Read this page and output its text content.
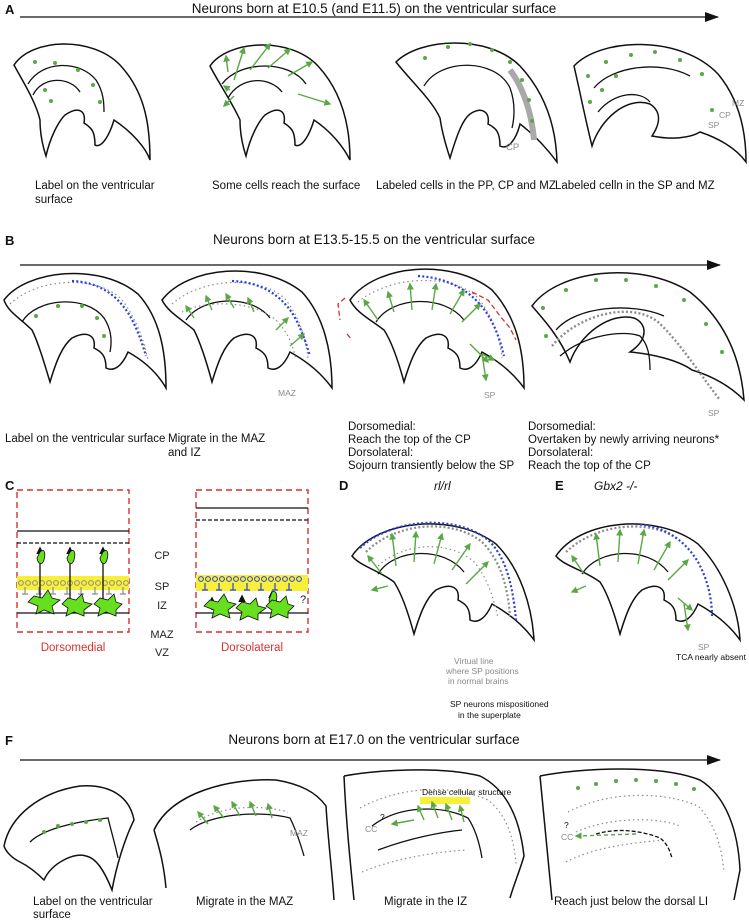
A	Neurons born at E10.5 (and E11.5) on the ventricular surface
Label on the ventricular
surface
Some cells reach the surface
CP
Labeled cells in the PP, CP and MZ
MZ
CP
SP
Labeled celln in the SP and MZ
B	Neurons born at E13.5-15.5 on the ventricular surface
Label on the ventricular surface
MAZ
Migrate in the MAZ
and IZ
SP
Dorsomedial:
Reach the top of the CP
Dorsolateral:
Sojourn transiently below the SP
SP
Dorsomedial:
Overtaken by newly arriving neurons*
Dorsolateral:
Reach the top of the CP
C
Dorsomedial
CP
SP
IZ
MAZ
VZ
?
Dorsolateral
D	rl/rl
Virtual line
where SP positions
in normal brains
SP neurons mispositioned
in the superplate
E	Gbx2 -/-
SP
TCA nearly absent
F	Neurons born at E17.0 on the ventricular surface
Label on the ventricular
surface
MAZ
Migrate in the MAZ
Dense cellular structure
CC
?
Migrate in the IZ
?
CC
Reach just below the dorsal LI
